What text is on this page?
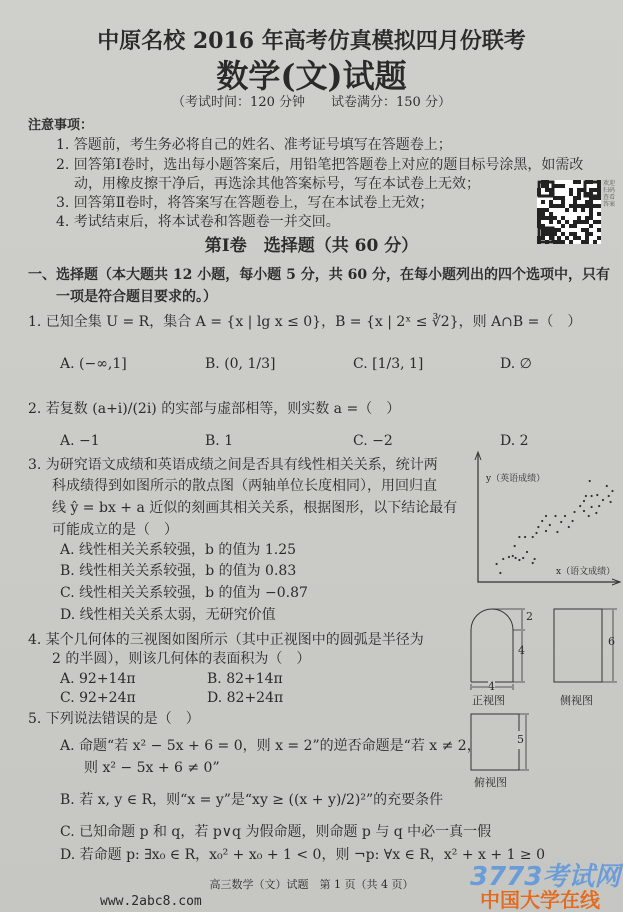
中原名校 2016 年高考仿真模拟四月份联考
数学(文)试题
（考试时间：120 分钟　　试卷满分：150 分）
注意事项：
1. 答题前，考生务必将自己的姓名、准考证号填写在答题卷上；
2. 回答第Ⅰ卷时，选出每小题答案后，用铅笔把答题卷上对应的题目标号涂黑，如需改
动，用橡皮擦干净后，再选涂其他答案标号，写在本试卷上无效；
3. 回答第Ⅱ卷时，将答案写在答题卷上，写在本试卷上无效；
4. 考试结束后，将本试卷和答题卷一并交回。
欢迎扫码 查看答案
第Ⅰ卷　选择题（共 60 分）
一、选择题（本大题共 12 小题，每小题 5 分，共 60 分，在每小题列出的四个选项中，只有
一项是符合题目要求的。）
1. 已知全集 U = R，集合 A = {x | lg x ≤ 0}，B = {x | 2ˣ ≤ ∛2}，则 A∩B =（　）
A. (−∞,1]	B. (0, 1/3]	C. [1/3, 1]	D. ∅
2. 若复数 (a+i)/(2i) 的实部与虚部相等，则实数 a =（　）
A. −1	B. 1	C. −2	D. 2
3. 为研究语文成绩和英语成绩之间是否具有线性相关关系，统计两
科成绩得到如图所示的散点图（两轴单位长度相同），用回归直
线 ŷ = bx + a 近似的刻画其相关关系，根据图形，以下结论最有
可能成立的是（　）
A. 线性相关关系较强，b 的值为 1.25
B. 线性相关关系较强，b 的值为 0.83
C. 线性相关关系较强，b 的值为 −0.87
D. 线性相关关系太弱，无研究价值
y（英语成绩）
x（语文成绩）
4. 某个几何体的三视图如图所示（其中正视图中的圆弧是半径为
2 的半圆），则该几何体的表面积为（　）
A. 92+14π	B. 82+14π
C. 92+24π	D. 82+24π
2
4
4
6
正视图	侧视图
5
俯视图
5. 下列说法错误的是（　）
A. 命题“若 x² − 5x + 6 = 0，则 x = 2”的逆否命题是“若 x ≠ 2，
则 x² − 5x + 6 ≠ 0”
B. 若 x, y ∈ R，则“x = y”是“xy ≥ ((x + y)/2)²”的充要条件
C. 已知命题 p 和 q，若 p∨q 为假命题，则命题 p 与 q 中必一真一假
D. 若命题 p: ∃x₀ ∈ R，x₀² + x₀ + 1 < 0，则 ¬p: ∀x ∈ R，x² + x + 1 ≥ 0
高三数学（文）试题　第 1 页（共 4 页）
www.2abc8.com
3773考试网
中国大学在线
